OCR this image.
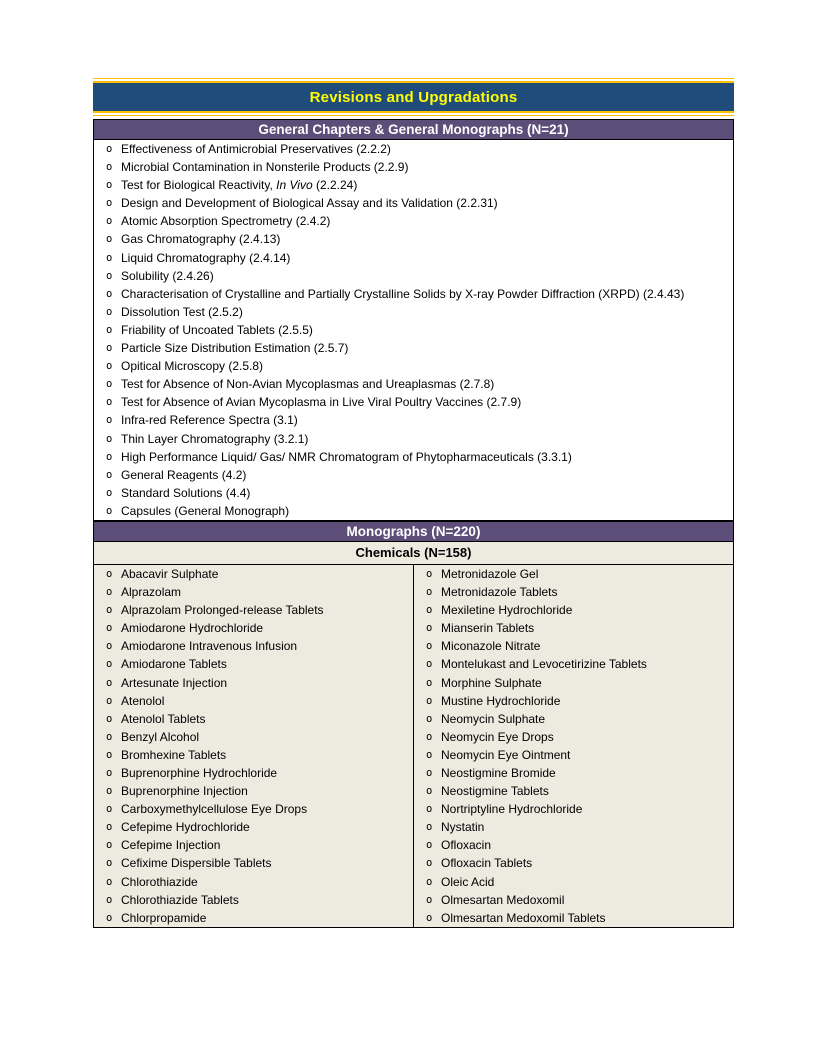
Revisions and Upgradations
General Chapters & General Monographs (N=21)
o Effectiveness of Antimicrobial Preservatives (2.2.2)
o Microbial Contamination in Nonsterile Products (2.2.9)
o Test for Biological Reactivity, In Vivo (2.2.24)
o Design and Development of Biological Assay and its Validation (2.2.31)
o Atomic Absorption Spectrometry (2.4.2)
o Gas Chromatography (2.4.13)
o Liquid Chromatography (2.4.14)
o Solubility (2.4.26)
o Characterisation of Crystalline and Partially Crystalline Solids by X-ray Powder Diffraction (XRPD) (2.4.43)
o Dissolution Test (2.5.2)
o Friability of Uncoated Tablets (2.5.5)
o Particle Size Distribution Estimation (2.5.7)
o Opitical Microscopy (2.5.8)
o Test for Absence of Non-Avian Mycoplasmas and Ureaplasmas (2.7.8)
o Test for Absence of Avian Mycoplasma in Live Viral Poultry Vaccines (2.7.9)
o Infra-red Reference Spectra (3.1)
o Thin Layer Chromatography (3.2.1)
o High Performance Liquid/ Gas/ NMR Chromatogram of Phytopharmaceuticals (3.3.1)
o General Reagents (4.2)
o Standard Solutions (4.4)
o Capsules (General Monograph)
Monographs (N=220)
Chemicals (N=158)
o Abacavir Sulphate
o Alprazolam
o Alprazolam Prolonged-release Tablets
o Amiodarone Hydrochloride
o Amiodarone Intravenous Infusion
o Amiodarone Tablets
o Artesunate Injection
o Atenolol
o Atenolol Tablets
o Benzyl Alcohol
o Bromhexine Tablets
o Buprenorphine Hydrochloride
o Buprenorphine Injection
o Carboxymethylcellulose Eye Drops
o Cefepime Hydrochloride
o Cefepime Injection
o Cefixime Dispersible Tablets
o Chlorothiazide
o Chlorothiazide Tablets
o Chlorpropamide
o Metronidazole Gel
o Metronidazole Tablets
o Mexiletine Hydrochloride
o Mianserin Tablets
o Miconazole Nitrate
o Montelukast and Levocetirizine Tablets
o Morphine Sulphate
o Mustine Hydrochloride
o Neomycin Sulphate
o Neomycin Eye Drops
o Neomycin Eye Ointment
o Neostigmine Bromide
o Neostigmine Tablets
o Nortriptyline Hydrochloride
o Nystatin
o Ofloxacin
o Ofloxacin Tablets
o Oleic Acid
o Olmesartan Medoxomil
o Olmesartan Medoxomil Tablets
